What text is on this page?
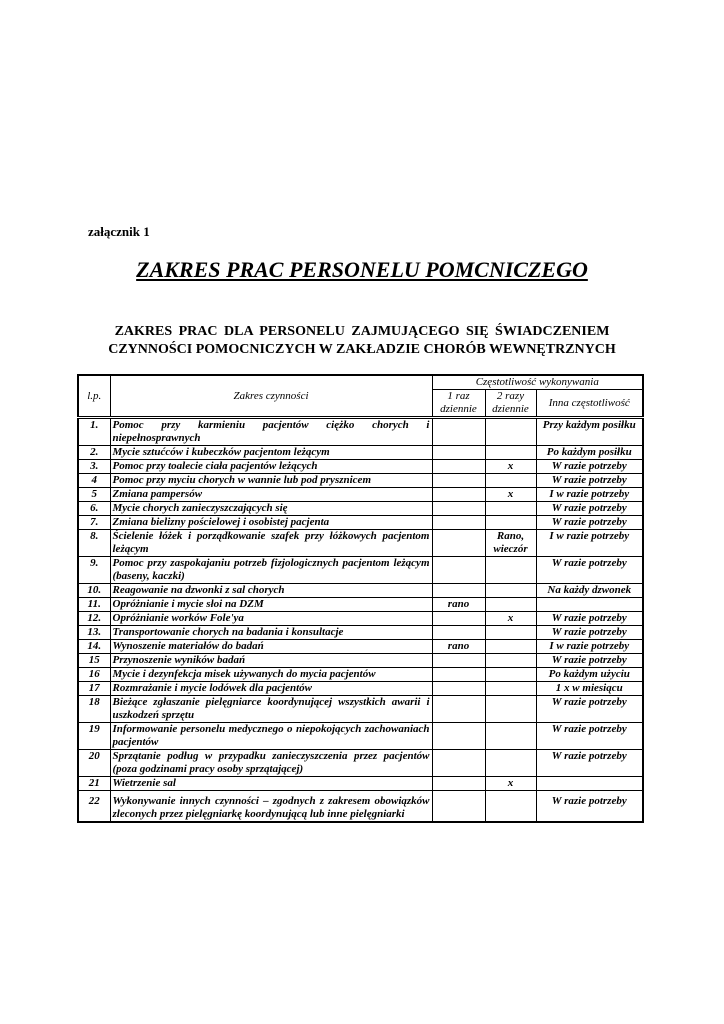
załącznik 1
ZAKRES PRAC PERSONELU POMCNICZEGO
ZAKRES PRAC DLA PERSONELU ZAJMUJĄCEGO SIĘ ŚWIADCZENIEM
CZYNNOŚCI POMOCNICZYCH W ZAKŁADZIE CHORÓB WEWNĘTRZNYCH
l.p.	Zakres czynności	Częstotliwość wykonywania		
		1 raz dziennie	2 razy dziennie	Inna częstotliwość
1.	Pomoc przy karmieniu pacjentów ciężko chorych i niepełnosprawnych			Przy każdym posiłku
2.	Mycie sztućców i kubeczków pacjentom leżącym			Po każdym posiłku
3.	Pomoc przy toalecie ciała pacjentów leżących		x	W razie potrzeby
4	Pomoc przy myciu chorych w wannie lub pod prysznicem			W razie potrzeby
5	Zmiana pampersów		x	I w razie potrzeby
6.	Mycie chorych zanieczyszczających się			W razie potrzeby
7.	Zmiana bielizny pościelowej i osobistej pacjenta			W razie potrzeby
8.	Ścielenie łóżek i porządkowanie szafek przy łóżkowych pacjentom leżącym		Rano, wieczór	I w razie potrzeby
9.	Pomoc przy zaspokajaniu potrzeb fizjologicznych pacjentom leżącym (baseny, kaczki)			W razie potrzeby
10.	Reagowanie na dzwonki z sal chorych			Na każdy dzwonek
11.	Opróżnianie i mycie słoi na DZM	rano		
12.	Opróżnianie worków Fole'ya		x	W razie potrzeby
13.	Transportowanie chorych na badania i konsultacje			W razie potrzeby
14.	Wynoszenie materiałów do badań	rano		I w razie potrzeby
15	Przynoszenie wyników badań			W razie potrzeby
16	Mycie i dezynfekcja misek używanych do mycia pacjentów			Po każdym użyciu
17	Rozmrażanie i mycie lodówek dla pacjentów			1 x w miesiącu
18	Bieżące zgłaszanie pielęgniarce koordynującej wszystkich awarii i uszkodzeń sprzętu			W razie potrzeby
19	Informowanie personelu medycznego o niepokojących zachowaniach pacjentów			W razie potrzeby
20	Sprzątanie podług w przypadku zanieczyszczenia przez pacjentów (poza godzinami pracy osoby sprzątającej)			W razie potrzeby
21	Wietrzenie sal		x	
22	Wykonywanie innych czynności – zgodnych z zakresem obowiązków zleconych przez pielęgniarkę koordynującą lub inne pielęgniarki			W razie potrzeby
